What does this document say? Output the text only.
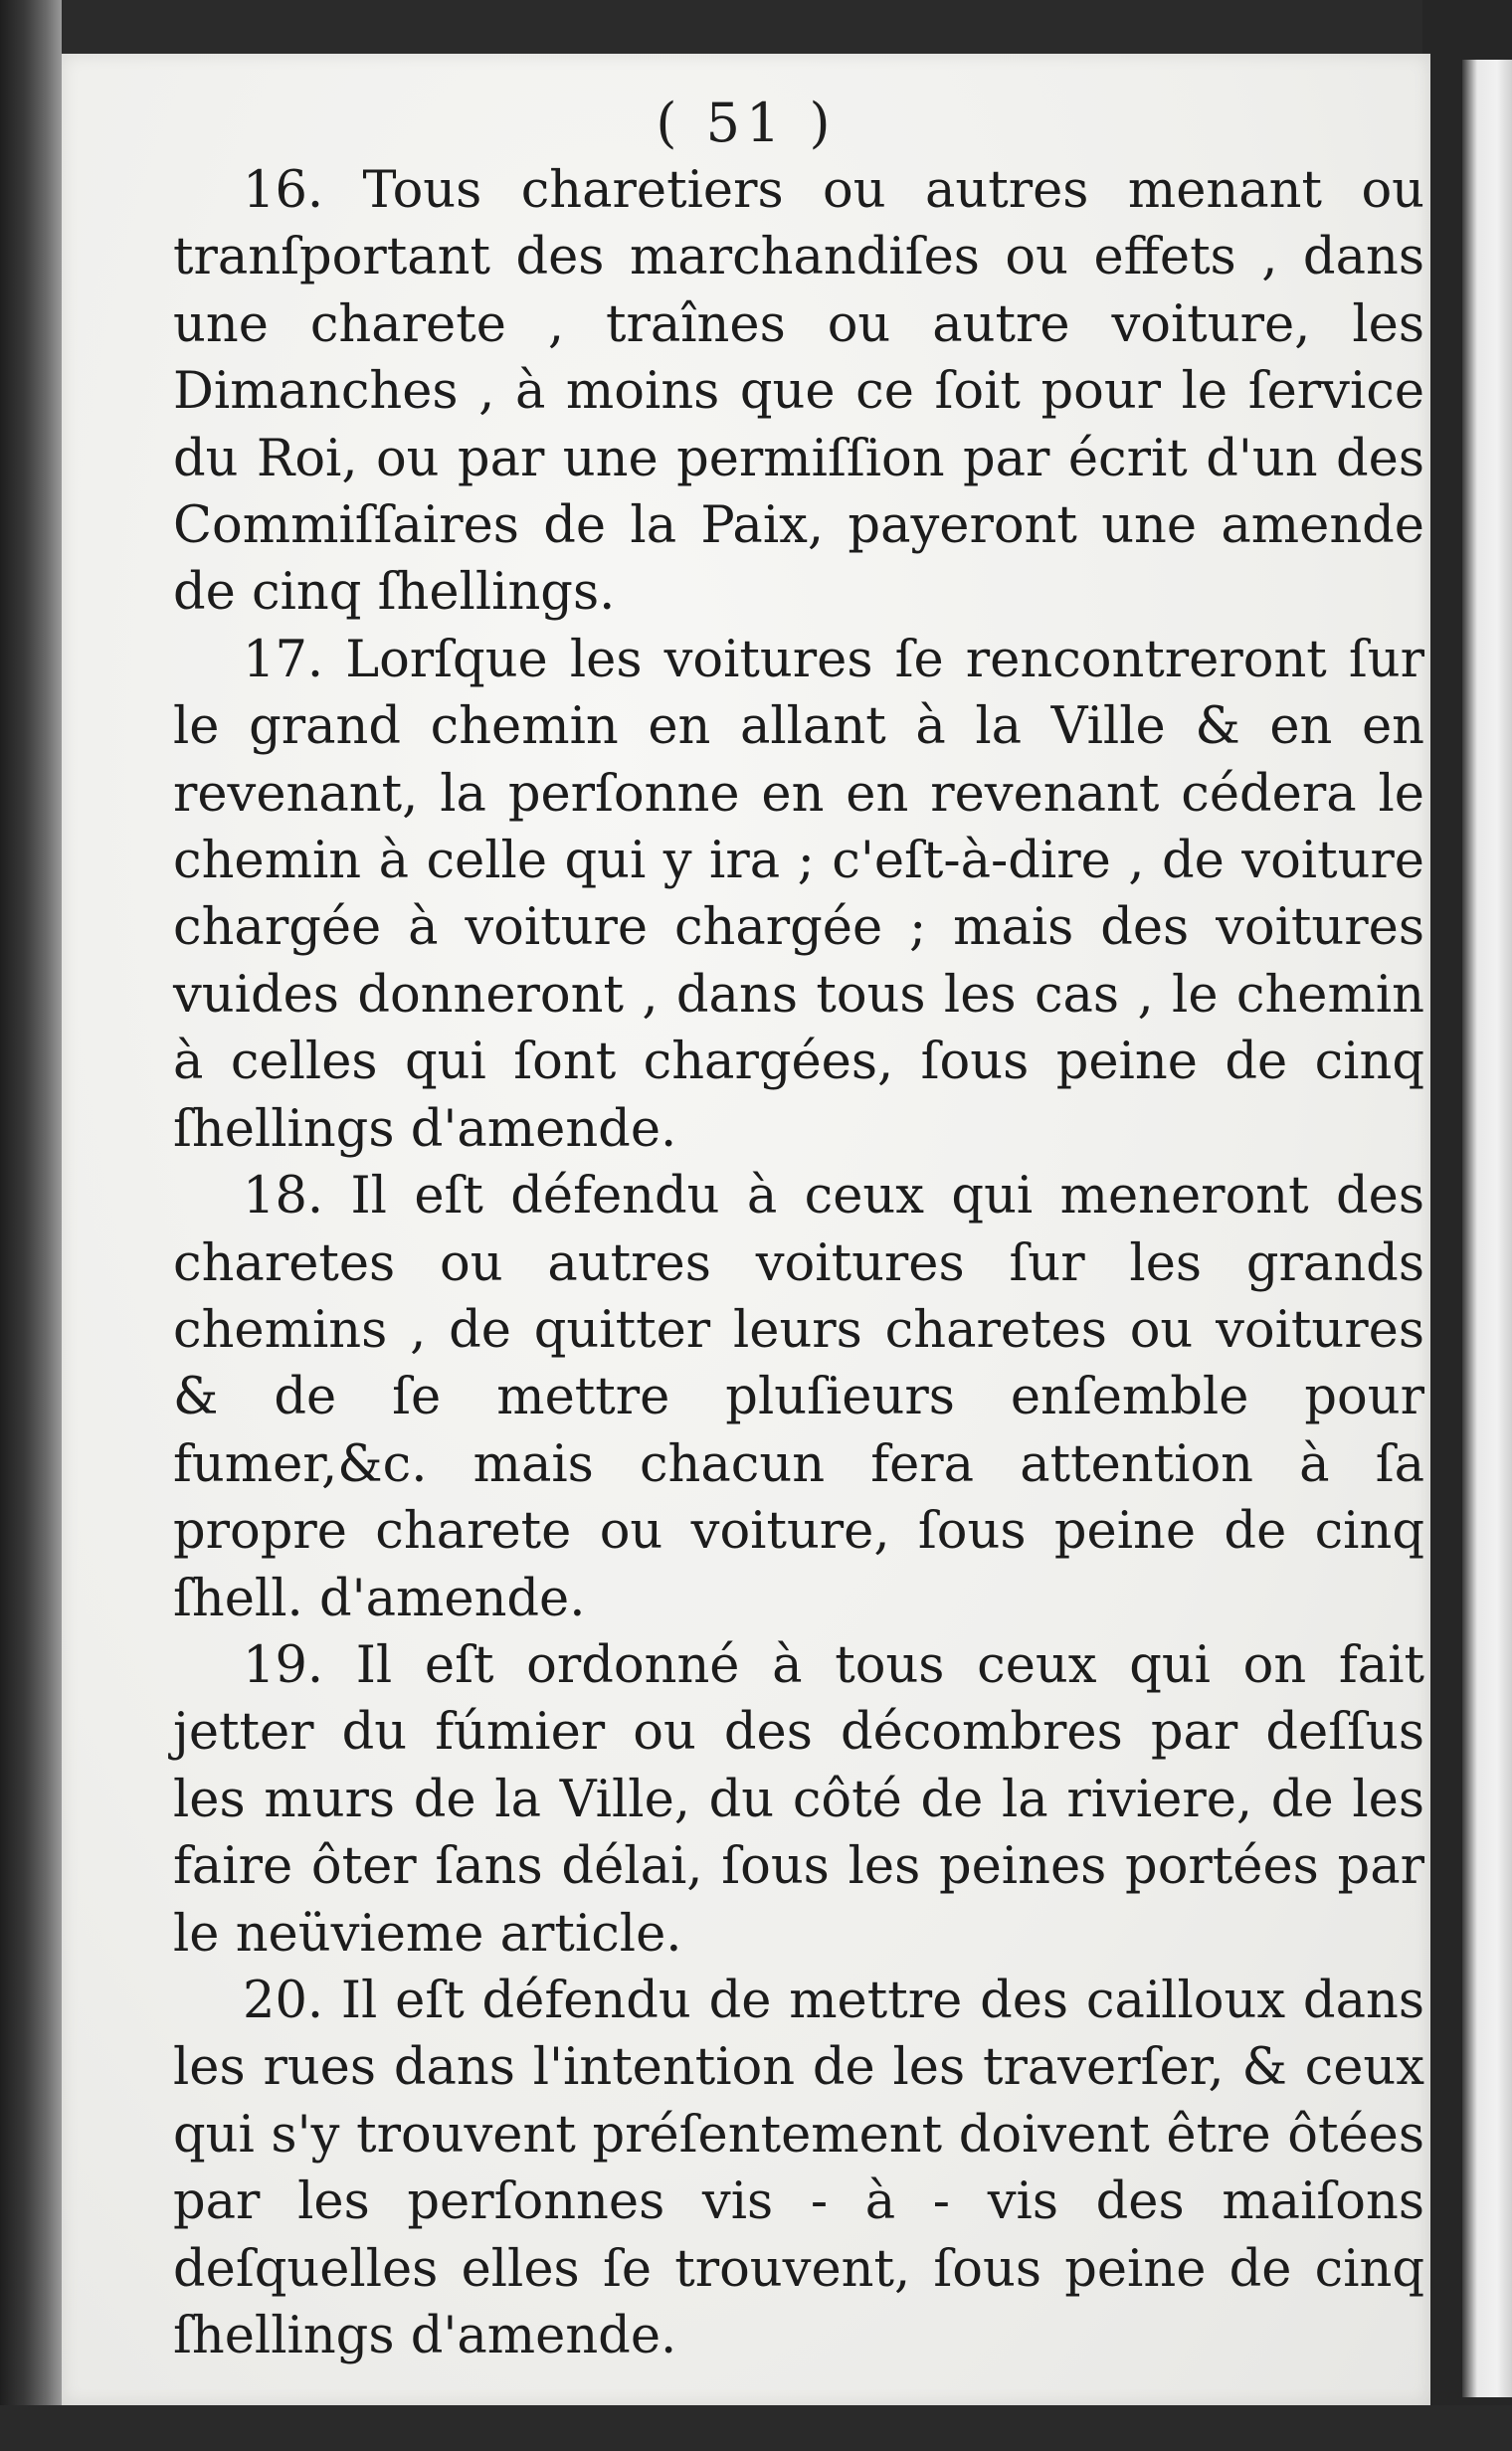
( 51 )

16. Tous charetiers ou autres menant ou tranſportant des marchandiſes ou effets , dans une charete , traînes ou autre voiture, les Dimanches , à moins que ce ſoit pour le ſervice du Roi, ou par une permiſſion par écrit d'un des Commiſſaires de la Paix, payeront une amende de cinq ſhellings.

17. Lorſque les voitures ſe rencontreront ſur le grand chemin en allant à la Ville & en en revenant, la perſonne en en revenant cédera le chemin à celle qui y ira ; c'eſt-à-dire , de voiture chargée à voiture chargée ; mais des voitures vuides donneront , dans tous les cas , le chemin à celles qui ſont chargées, ſous peine de cinq ſhellings d'amende.

18. Il eſt défendu à ceux qui meneront des charetes ou autres voitures ſur les grands chemins , de quitter leurs charetes ou voitures & de ſe mettre pluſieurs enſemble pour fumer,&c. mais chacun fera attention à ſa propre charete ou voiture, ſous peine de cinq ſhell. d'amende.

19. Il eſt ordonné à tous ceux qui on fait jetter du fúmier ou des décombres par deſſus les murs de la Ville, du côté de la riviere, de les faire ôter ſans délai, ſous les peines portées par le neüvieme article.

20. Il eſt défendu de mettre des cailloux dans les rues dans l'intention de les traverſer, & ceux qui s'y trouvent préſentement doivent être ôtées par les perſonnes vis - à - vis des maiſons deſquelles elles ſe trouvent, ſous peine de cinq ſhellings d'amende.
